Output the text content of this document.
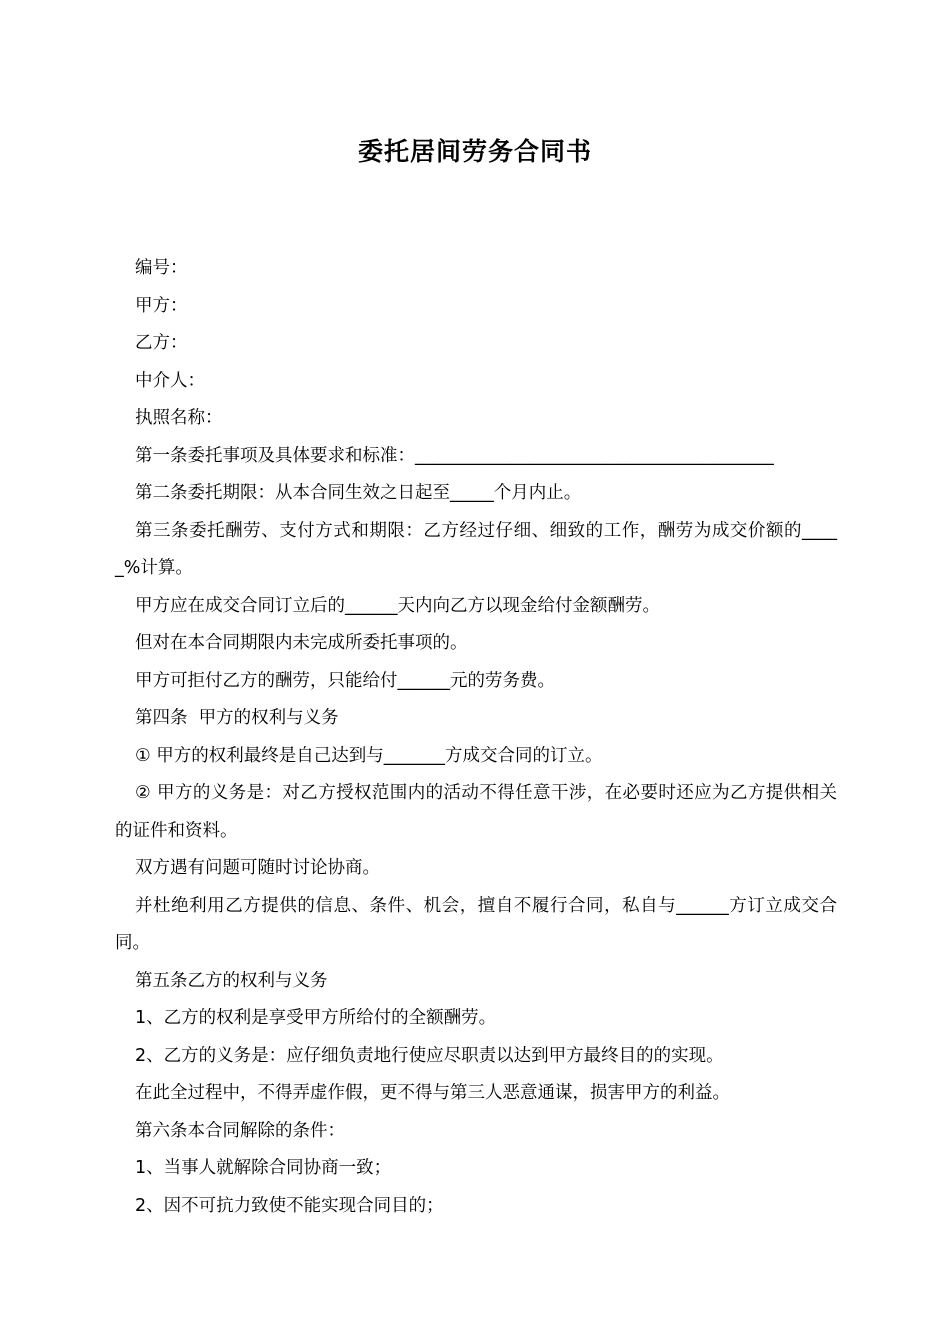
委托居间劳务合同书

编号：

甲方：

乙方：

中介人：

执照名称：

第一条委托事项及具体要求和标准：_________________________________________

第二条委托期限：从本合同生效之日起至_____个月内止。

第三条委托酬劳、支付方式和期限：乙方经过仔细、细致的工作，酬劳为成交价额的_____%计算。

甲方应在成交合同订立后的______天内向乙方以现金给付金额酬劳。

但对在本合同期限内未完成所委托事项的。

甲方可拒付乙方的酬劳，只能给付______元的劳务费。

第四条  甲方的权利与义务

① 甲方的权利最终是自己达到与_______方成交合同的订立。

② 甲方的义务是：对乙方授权范围内的活动不得任意干涉，在必要时还应为乙方提供相关的证件和资料。

双方遇有问题可随时讨论协商。

并杜绝利用乙方提供的信息、条件、机会，擅自不履行合同，私自与______方订立成交合同。

第五条乙方的权利与义务

1、乙方的权利是享受甲方所给付的全额酬劳。

2、乙方的义务是：应仔细负责地行使应尽职责以达到甲方最终目的的实现。

在此全过程中，不得弄虚作假，更不得与第三人恶意通谋，损害甲方的利益。

第六条本合同解除的条件：

1、当事人就解除合同协商一致；

2、因不可抗力致使不能实现合同目的；
